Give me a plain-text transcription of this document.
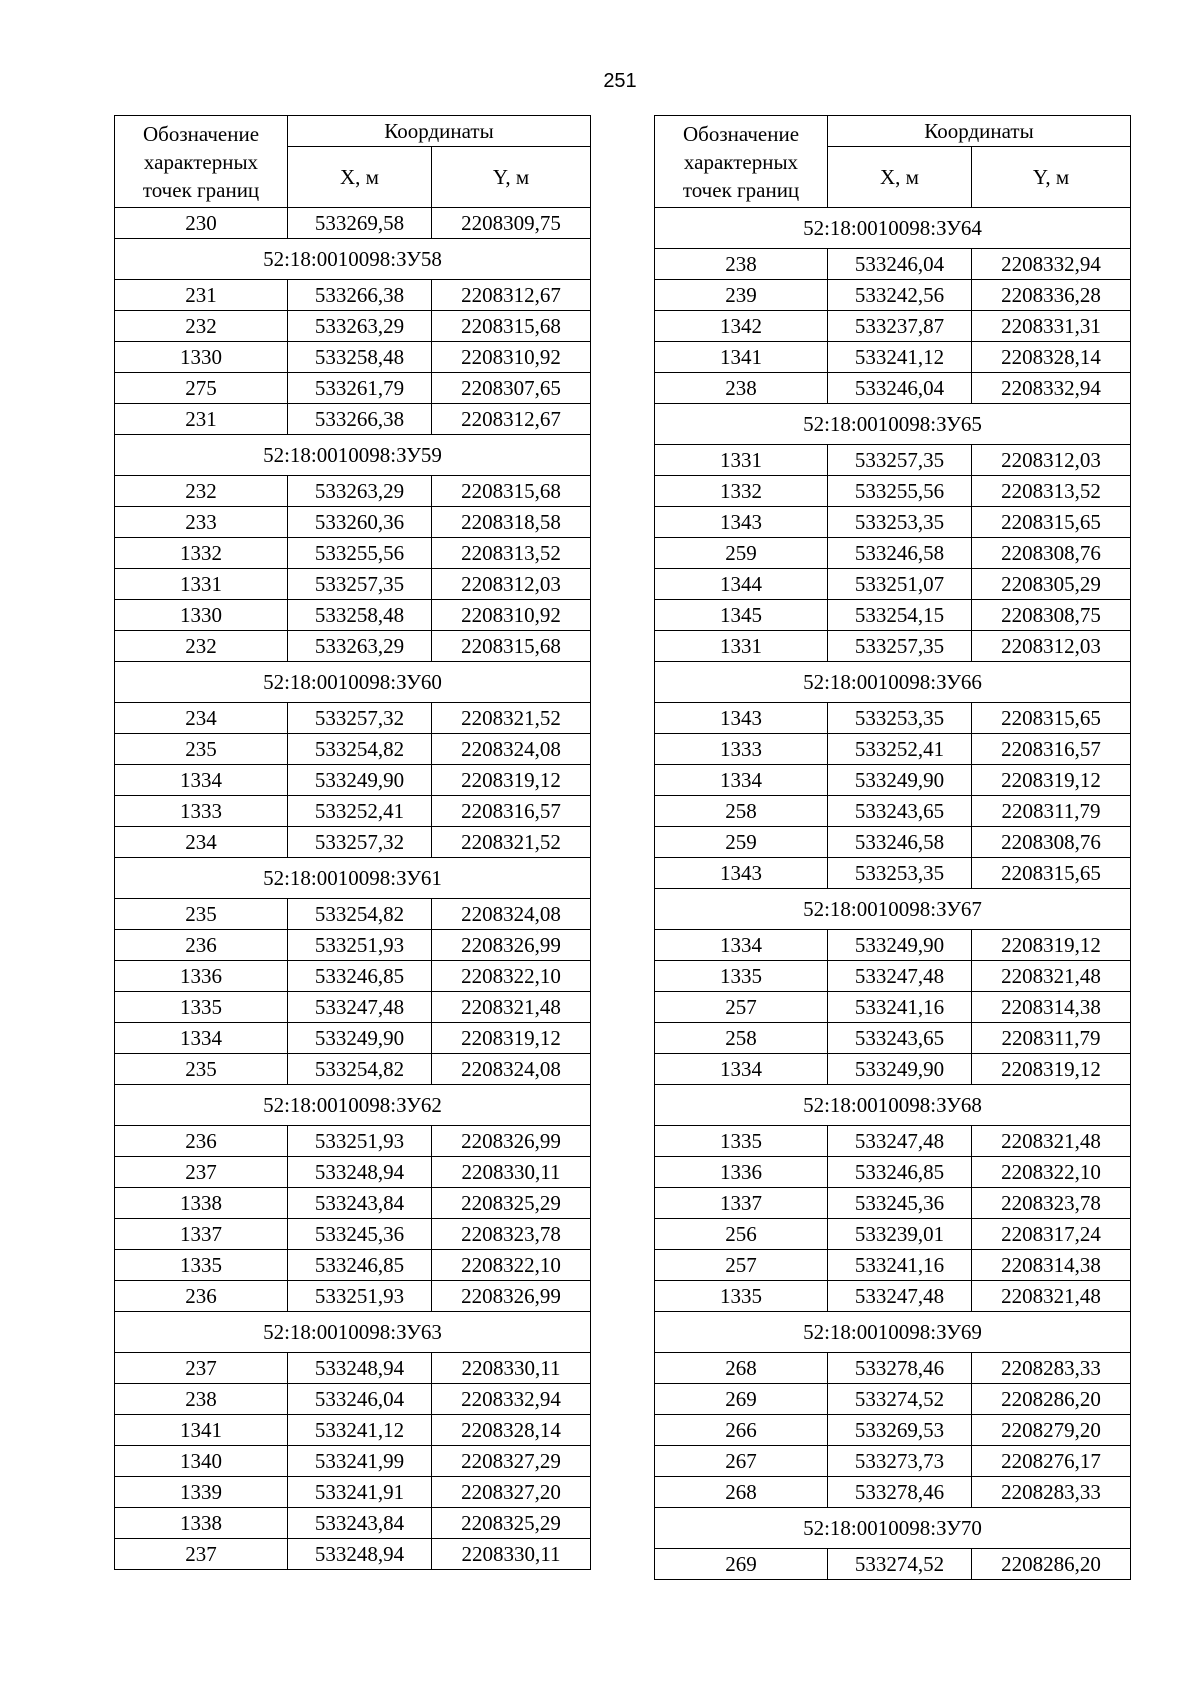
251
Обозначение
характерных
точек границ	Координаты	
	X, м	Y, м
230	533269,58	2208309,75
52:18:0010098:ЗУ58		
231	533266,38	2208312,67
232	533263,29	2208315,68
1330	533258,48	2208310,92
275	533261,79	2208307,65
231	533266,38	2208312,67
52:18:0010098:ЗУ59		
232	533263,29	2208315,68
233	533260,36	2208318,58
1332	533255,56	2208313,52
1331	533257,35	2208312,03
1330	533258,48	2208310,92
232	533263,29	2208315,68
52:18:0010098:ЗУ60		
234	533257,32	2208321,52
235	533254,82	2208324,08
1334	533249,90	2208319,12
1333	533252,41	2208316,57
234	533257,32	2208321,52
52:18:0010098:ЗУ61		
235	533254,82	2208324,08
236	533251,93	2208326,99
1336	533246,85	2208322,10
1335	533247,48	2208321,48
1334	533249,90	2208319,12
235	533254,82	2208324,08
52:18:0010098:ЗУ62		
236	533251,93	2208326,99
237	533248,94	2208330,11
1338	533243,84	2208325,29
1337	533245,36	2208323,78
1335	533246,85	2208322,10
236	533251,93	2208326,99
52:18:0010098:ЗУ63		
237	533248,94	2208330,11
238	533246,04	2208332,94
1341	533241,12	2208328,14
1340	533241,99	2208327,29
1339	533241,91	2208327,20
1338	533243,84	2208325,29
237	533248,94	2208330,11
Обозначение
характерных
точек границ	Координаты	
	X, м	Y, м
52:18:0010098:ЗУ64		
238	533246,04	2208332,94
239	533242,56	2208336,28
1342	533237,87	2208331,31
1341	533241,12	2208328,14
238	533246,04	2208332,94
52:18:0010098:ЗУ65		
1331	533257,35	2208312,03
1332	533255,56	2208313,52
1343	533253,35	2208315,65
259	533246,58	2208308,76
1344	533251,07	2208305,29
1345	533254,15	2208308,75
1331	533257,35	2208312,03
52:18:0010098:ЗУ66		
1343	533253,35	2208315,65
1333	533252,41	2208316,57
1334	533249,90	2208319,12
258	533243,65	2208311,79
259	533246,58	2208308,76
1343	533253,35	2208315,65
52:18:0010098:ЗУ67		
1334	533249,90	2208319,12
1335	533247,48	2208321,48
257	533241,16	2208314,38
258	533243,65	2208311,79
1334	533249,90	2208319,12
52:18:0010098:ЗУ68		
1335	533247,48	2208321,48
1336	533246,85	2208322,10
1337	533245,36	2208323,78
256	533239,01	2208317,24
257	533241,16	2208314,38
1335	533247,48	2208321,48
52:18:0010098:ЗУ69		
268	533278,46	2208283,33
269	533274,52	2208286,20
266	533269,53	2208279,20
267	533273,73	2208276,17
268	533278,46	2208283,33
52:18:0010098:ЗУ70		
269	533274,52	2208286,20
